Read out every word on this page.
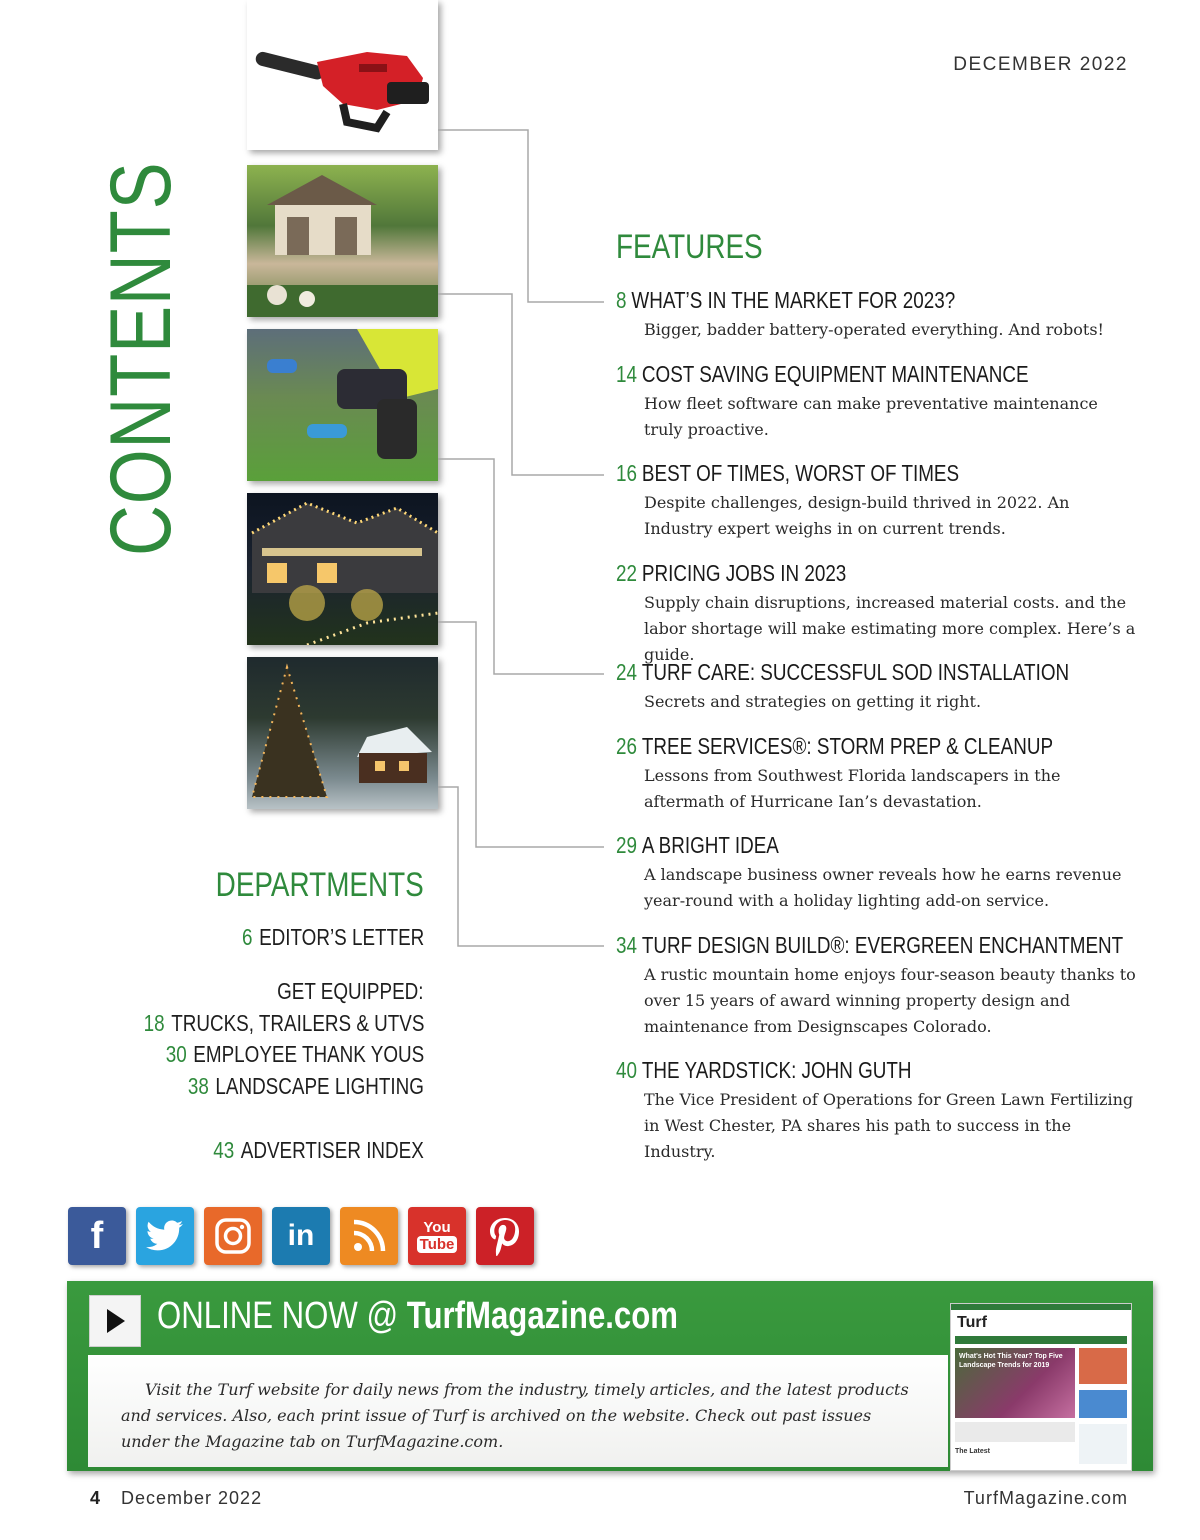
DECEMBER 2022
CONTENTS	FEATURES
8 WHAT’S IN THE MARKET FOR 2023?
Bigger, badder battery-operated everything. And robots!
14 COST SAVING EQUIPMENT MAINTENANCE
How fleet software can make preventative maintenance truly proactive.
16 BEST OF TIMES, WORST OF TIMES
Despite challenges, design-build thrived in 2022. An Industry expert weighs in on current trends.
22 PRICING JOBS IN 2023
Supply chain disruptions, increased material costs. and the labor shortage will make estimating more complex. Here’s a guide.
24 TURF CARE: SUCCESSFUL SOD INSTALLATION
Secrets and strategies on getting it right.
26 TREE SERVICES®: STORM PREP & CLEANUP
Lessons from Southwest Florida landscapers in the aftermath of Hurricane Ian’s devastation.
29 A BRIGHT IDEA
A landscape business owner reveals how he earns revenue year-round with a holiday lighting add-on service.
34 TURF DESIGN BUILD®: EVERGREEN ENCHANTMENT
A rustic mountain home enjoys four-season beauty thanks to over 15 years of award winning property design and maintenance from Designscapes Colorado.
40 THE YARDSTICK: JOHN GUTH
The Vice President of Operations for Green Lawn Fertilizing in West Chester, PA shares his path to success in the Industry.
DEPARTMENTS
6 EDITOR’S LETTER
GET EQUIPPED:
18 TRUCKS, TRAILERS & UTVS
30 EMPLOYEE THANK YOUS
38 LANDSCAPE LIGHTING
43 ADVERTISER INDEX
f	in	You
Tube
ONLINE NOW @ TurfMagazine.com
Visit the Turf website for daily news from the industry, timely articles, and the latest products and services. Also, each print issue of Turf is archived on the website. Check out past issues under the Magazine tab on TurfMagazine.com.
Turf
What's Hot This Year? Top Five Landscape Trends for 2019
The Latest
4 December 2022	TurfMagazine.com
